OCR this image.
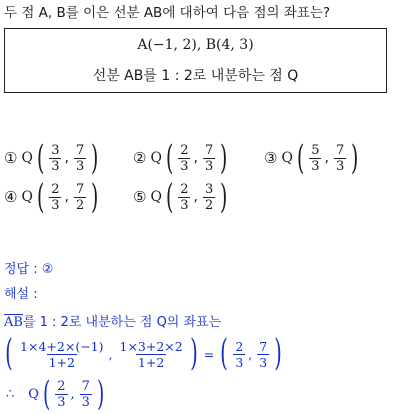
두 점 A, B를 이은 선분 AB에 대하여 다음 점의 좌표는?
A(−1, 2), B(4, 3)
선분 AB를 1 : 2로 내분하는 점 Q
① Q ( $\frac{3}{3}$ , $\frac{7}{3}$ ) ② Q ( $\frac{2}{3}$ , $\frac{7}{3}$ ) ③ Q ( $\frac{5}{3}$ , $\frac{7}{3}$ )
④ Q ( $\frac{2}{3}$ , $\frac{7}{2}$ ) ⑤ Q ( $\frac{2}{3}$ , $\frac{3}{2}$ )
정답 : ②
해설 :
$\overline{AB}$를 1 : 2로 내분하는 점 Q의 좌표는
( $\frac{1\times 4+2\times(-1)}{1+2}$ , $\frac{1\times 3+2\times 2}{1+2}$ ) = ( $\frac{2}{3}$ , $\frac{7}{3}$ )
∴ Q ( $\frac{2}{3}$ , $\frac{7}{3}$ )
